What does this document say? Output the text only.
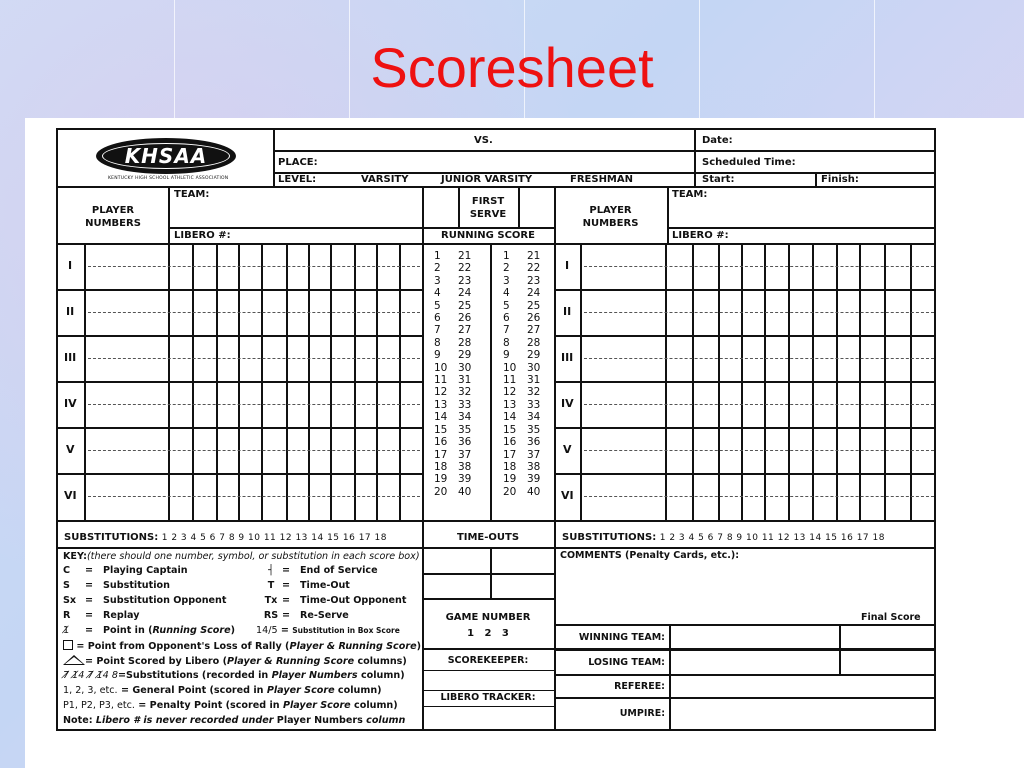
Scoresheet
KHSAA
KENTUCKY HIGH SCHOOL ATHLETIC ASSOCIATION
VS.
PLACE:
LEVEL:	VARSITY	JUNIOR VARSITY	FRESHMAN
Date:
Scheduled Time:
Start:	Finish:
PLAYER NUMBERS
TEAM:
LIBERO #:
FIRST SERVE
RUNNING SCORE
PLAYER NUMBERS
TEAM:
LIBERO #:
I
II
III
IV
V
VI
I
II
III
IV
V
VI
1 21
2 22
3 23
4 24
5 25
6 26
7 27
8 28
9 29
10 30
11 31
12 32
13 33
14 34
15 35
16 36
17 37
18 38
19 39
20 40
1 21
2 22
3 23
4 24
5 25
6 26
7 27
8 28
9 29
10 30
11 31
12 32
13 33
14 34
15 35
16 36
17 37
18 38
19 39
20 40
SUBSTITUTIONS: 1 2 3 4 5 6 7 8 9 10 11 12 13 14 15 16 17 18	TIME-OUTS	SUBSTITUTIONS: 1 2 3 4 5 6 7 8 9 10 11 12 13 14 15 16 17 18
GAME NUMBER
1   2   3
SCOREKEEPER:
LIBERO TRACKER:
KEY:(there should one number, symbol, or substitution in each score box)
C = Playing Captain
S = Substitution
Sx = Substitution Opponent
R = Replay
1̸ = Point in (Running Score)
┤ = End of Service
T = Time-Out
Tx = Time-Out Opponent
RS = Re-Serve
14/5 = Substitution in Box Score
= Point from Opponent's Loss of Rally (Player & Running Score)
= Point Scored by Libero (Player & Running Score columns)
7̸ 1̸4 7̸ 1̸4 8=Substitutions (recorded in Player Numbers column)
1, 2, 3, etc. = General Point (scored in Player Score column)
P1, P2, P3, etc. = Penalty Point (scored in Player Score column)
Note: Libero # is never recorded under Player Numbers column
COMMENTS (Penalty Cards, etc.):
Final Score
WINNING TEAM:
LOSING TEAM:
REFEREE:
UMPIRE:
